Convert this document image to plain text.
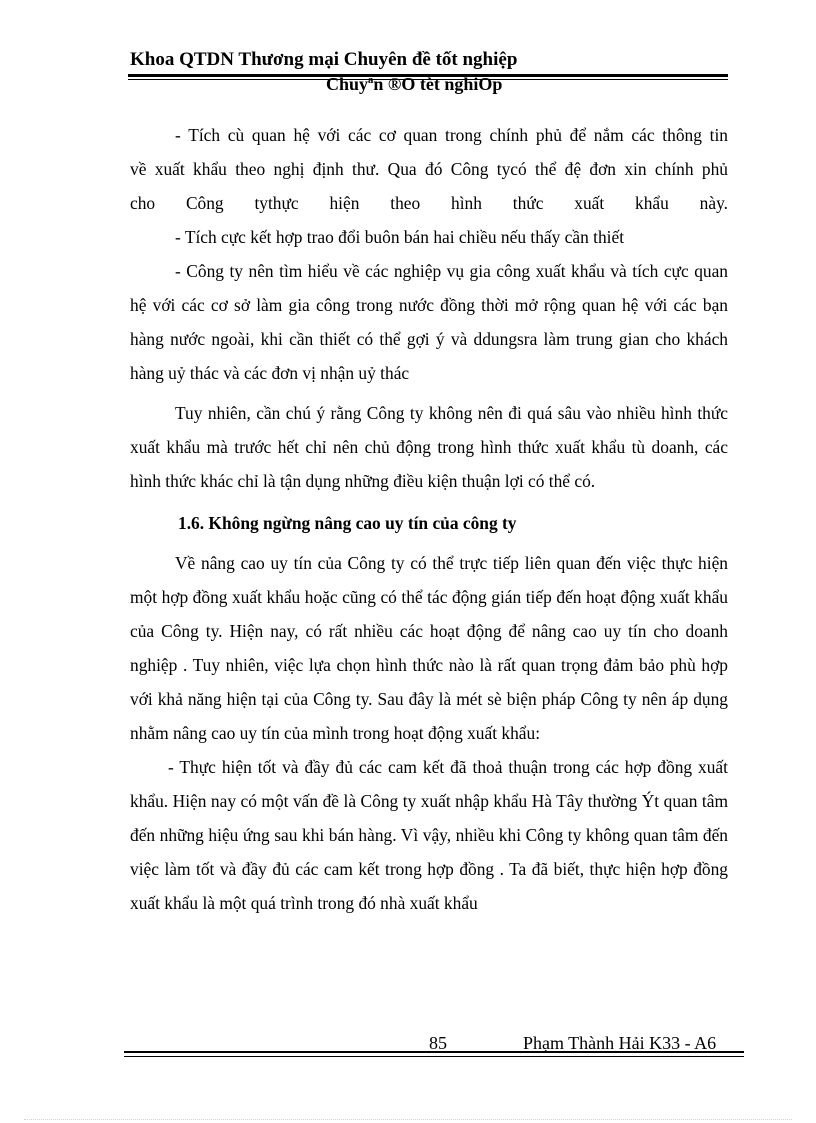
Khoa QTDN Thương mại Chuyên đề tốt nghiệp
Chuyªn ®Ò tèt nghiÖp

- Tích cù quan hệ với các cơ quan trong chính phủ để nắm các thông tin

về xuất khẩu theo nghị định thư. Qua đó Công tycó thể đệ đơn xin chính phủ

cho Công tythực hiện theo hình thức xuất khẩu này.

- Tích cực kết hợp trao đổi buôn bán hai chiều nếu thấy cần thiết

- Công ty nên tìm hiểu về các nghiệp vụ gia công xuất khẩu và tích cực quan hệ với các cơ sở làm gia công trong nước đồng thời mở rộng quan hệ với các bạn hàng nước ngoài, khi cần thiết có thể gợi ý và ddungsra làm trung gian cho khách hàng uỷ thác và các đơn vị nhận uỷ thác

Tuy nhiên, cần chú ý rằng Công ty không nên đi quá sâu vào nhiều hình thức xuất khẩu mà trước hết chỉ nên chủ động trong hình thức xuất khẩu tù doanh, các hình thức khác chỉ là tận dụng những điều kiện thuận lợi có thể có.

1.6. Không ngừng nâng cao uy tín của công ty

Về nâng cao uy tín của Công ty có thể trực tiếp liên quan đến việc thực hiện một hợp đồng xuất khẩu hoặc cũng có thể tác động gián tiếp đến hoạt động xuất khẩu của Công ty. Hiện nay, có rất nhiều các hoạt động để nâng cao uy tín cho doanh nghiệp . Tuy nhiên, việc lựa chọn hình thức nào là rất quan trọng đảm bảo phù hợp với khả năng hiện tại của Công ty. Sau đây là mét sè biện pháp Công ty nên áp dụng nhằm nâng cao uy tín của mình trong hoạt động xuất khẩu:

- Thực hiện tốt và đầy đủ các cam kết đã thoả thuận trong các hợp đồng xuất khẩu. Hiện nay có một vấn đề là Công ty xuất nhập khẩu Hà Tây thường Ýt quan tâm đến những hiệu ứng sau khi bán hàng. Vì vậy, nhiều khi Công ty không quan tâm đến việc làm tốt và đầy đủ các cam kết trong hợp đồng . Ta đã biết, thực hiện hợp đồng xuất khẩu là một quá trình trong đó nhà xuất khẩu

85	Phạm Thành Hải K33 - A6
